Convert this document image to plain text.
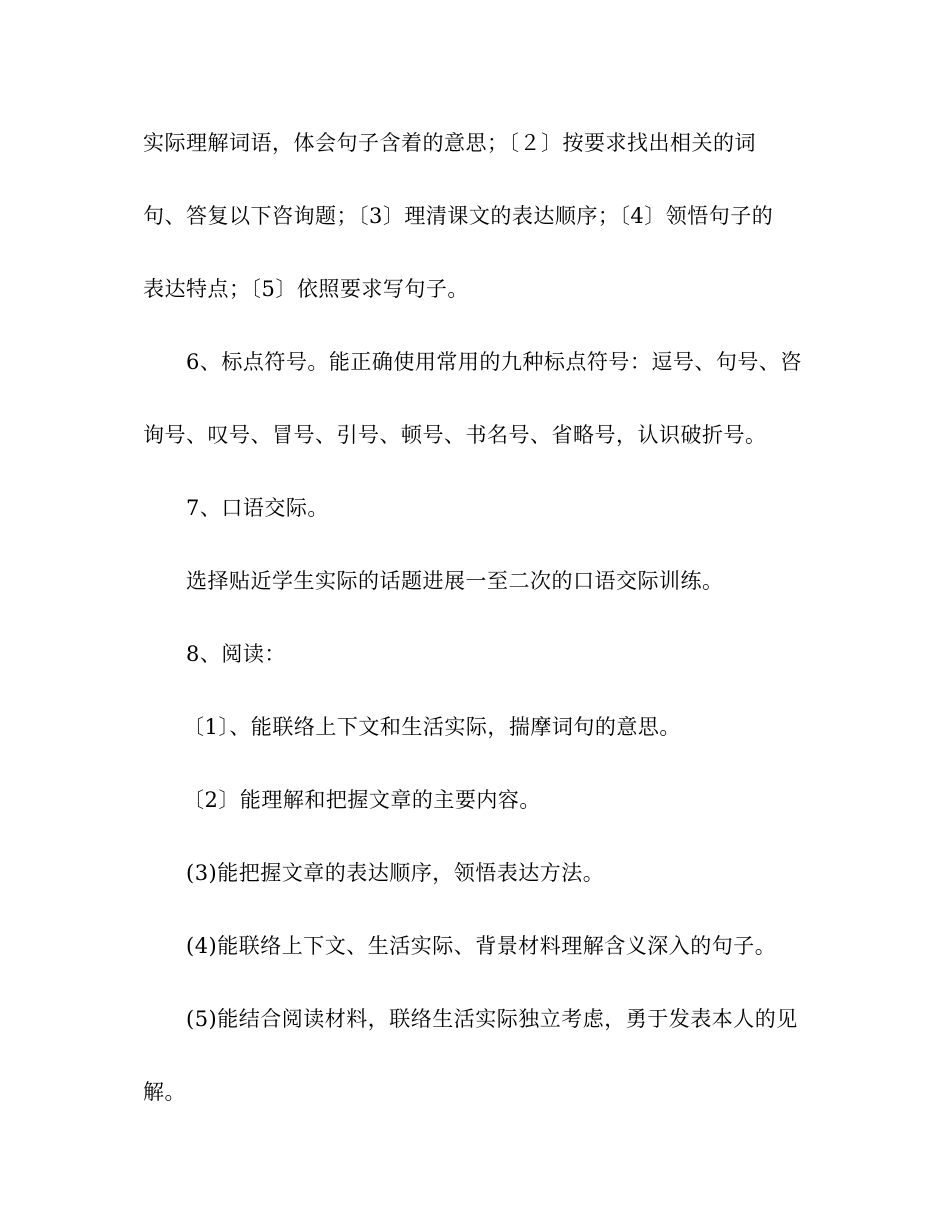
实际理解词语，体会句子含着的意思；〔２〕按要求找出相关的词
句、答复以下咨询题；〔3〕理清课文的表达顺序；〔4〕领悟句子的
表达特点；〔5〕依照要求写句子。
6、标点符号。能正确使用常用的九种标点符号：逗号、句号、咨
询号、叹号、冒号、引号、顿号、书名号、省略号，认识破折号。
7、口语交际。
选择贴近学生实际的话题进展一至二次的口语交际训练。
8、阅读：
〔1〕、能联络上下文和生活实际，揣摩词句的意思。
〔2〕能理解和把握文章的主要内容。
(3)能把握文章的表达顺序，领悟表达方法。
(4)能联络上下文、生活实际、背景材料理解含义深入的句子。
(5)能结合阅读材料，联络生活实际独立考虑，勇于发表本人的见
解。
